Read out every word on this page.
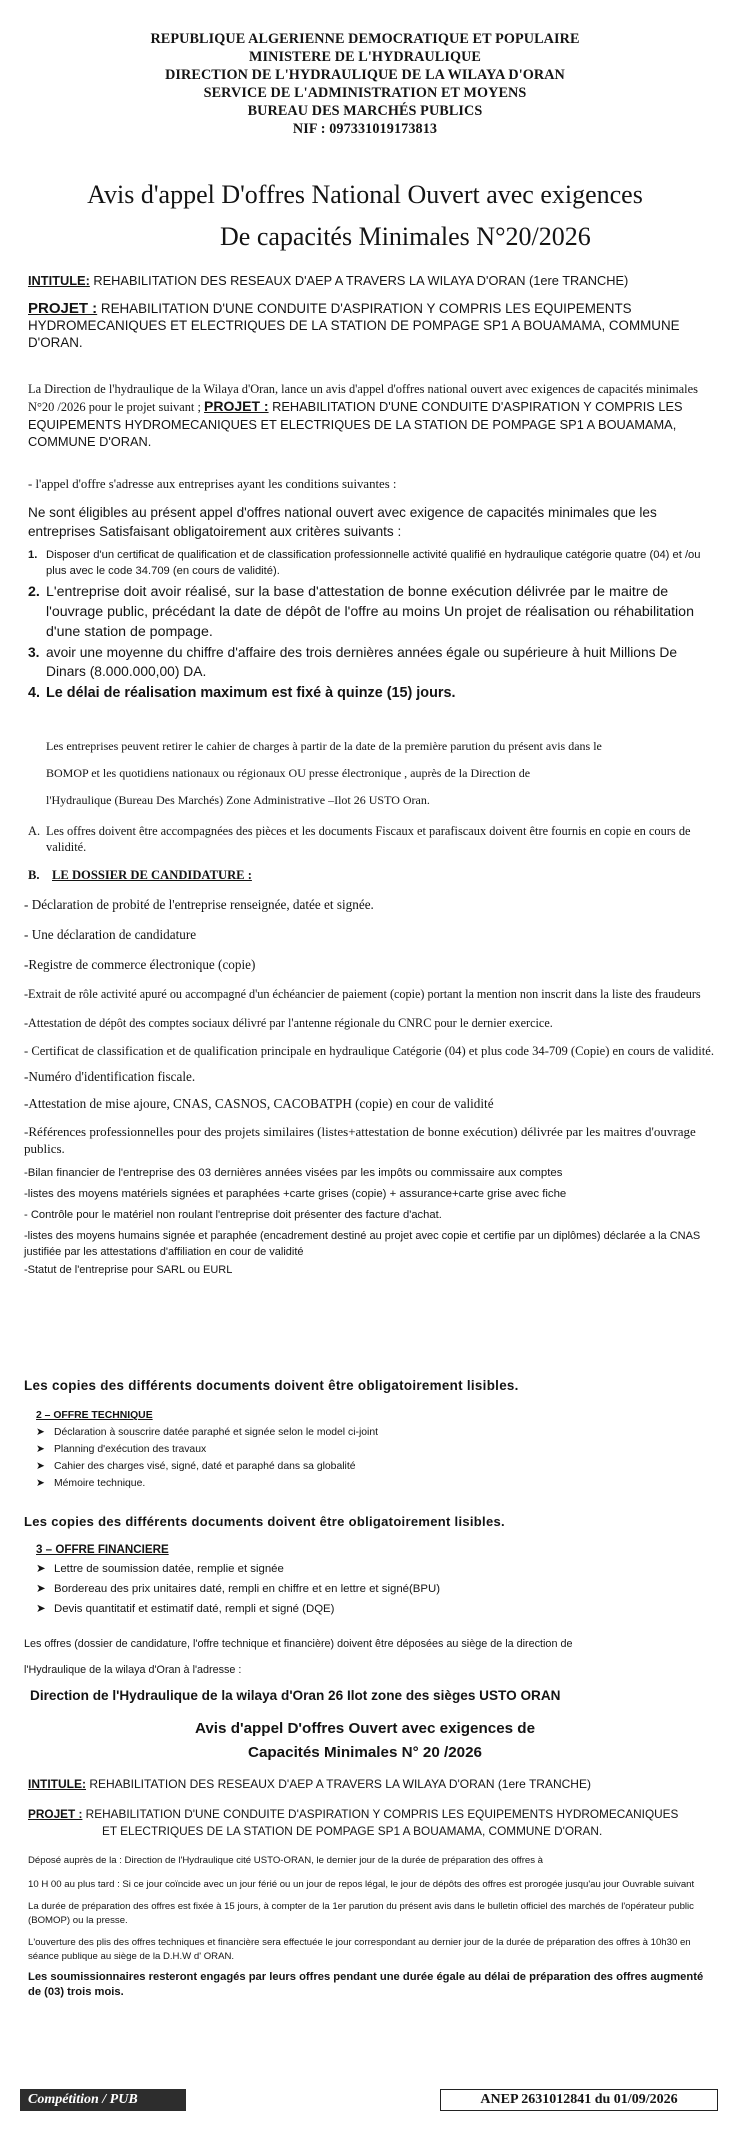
REPUBLIQUE ALGERIENNE DEMOCRATIQUE ET POPULAIRE

MINISTERE DE L'HYDRAULIQUE

DIRECTION DE L'HYDRAULIQUE DE LA WILAYA D'ORAN

SERVICE DE L'ADMINISTRATION ET MOYENS

BUREAU DES MARCHÉS PUBLICS

NIF : 097331019173813

Avis d'appel D'offres National Ouvert avec exigences

De capacités Minimales N°20/2026

INTITULE: REHABILITATION DES RESEAUX D'AEP A TRAVERS LA WILAYA D'ORAN (1ere TRANCHE)
PROJET : REHABILITATION D'UNE CONDUITE D'ASPIRATION Y COMPRIS LES EQUIPEMENTS HYDROMECANIQUES ET ELECTRIQUES DE LA STATION DE POMPAGE SP1 A BOUAMAMA, COMMUNE D'ORAN.
La Direction de l'hydraulique de la Wilaya d'Oran, lance un avis d'appel d'offres national ouvert avec exigences de capacités minimales N°20 /2026 pour le projet suivant ; PROJET : REHABILITATION D'UNE CONDUITE D'ASPIRATION Y COMPRIS LES EQUIPEMENTS HYDROMECANIQUES ET ELECTRIQUES DE LA STATION DE POMPAGE SP1 A BOUAMAMA, COMMUNE D'ORAN.

- l'appel d'offre s'adresse aux entreprises ayant les conditions suivantes :

Ne sont éligibles au présent appel d'offres national ouvert avec exigence de capacités minimales que les entreprises Satisfaisant obligatoirement aux critères suivants :

1. Disposer d'un certificat de qualification et de classification professionnelle activité qualifié en hydraulique catégorie quatre (04) et /ou plus avec le code 34.709 (en cours de validité).
2. L'entreprise doit avoir réalisé, sur la base d'attestation de bonne exécution délivrée par le maitre de l'ouvrage public, précédant la date de dépôt de l'offre au moins Un projet de réalisation ou réhabilitation d'une station de pompage.
3. avoir une moyenne du chiffre d'affaire des trois dernières années égale ou supérieure à huit Millions De Dinars (8.000.000,00) DA.
4. Le délai de réalisation maximum est fixé à quinze (15) jours.

Les entreprises peuvent retirer le cahier de charges à partir de la date de la première parution du présent avis dans le

BOMOP et les quotidiens nationaux ou régionaux OU presse électronique , auprès de la Direction de

l'Hydraulique (Bureau Des Marchés) Zone Administrative –Ilot 26 USTO Oran.

A. Les offres doivent être accompagnées des pièces et les documents Fiscaux et parafiscaux doivent être fournis en copie en cours de validité.
B. LE DOSSIER DE CANDIDATURE :

- Déclaration de probité de l'entreprise renseignée, datée et signée.

- Une déclaration de candidature

-Registre de commerce électronique (copie)

-Extrait de rôle activité apuré ou accompagné d'un échéancier de paiement (copie) portant la mention non inscrit dans la liste des fraudeurs

-Attestation de dépôt des comptes sociaux délivré par l'antenne régionale du CNRC pour le dernier exercice.

- Certificat de classification et de qualification principale en hydraulique Catégorie (04) et plus code 34-709 (Copie) en cours de validité.

-Numéro d'identification fiscale.

-Attestation de mise ajoure, CNAS, CASNOS, CACOBATPH (copie) en cour de validité

-Références professionnelles pour des projets similaires (listes+attestation de bonne exécution) délivrée par les maitres d'ouvrage publics.

-Bilan financier de l'entreprise des 03 dernières années visées par les impôts ou commissaire aux comptes

-listes des moyens matériels signées et paraphées +carte grises (copie) + assurance+carte grise avec fiche

- Contrôle pour le matériel non roulant l'entreprise doit présenter des facture d'achat.

-listes des moyens humains signée et paraphée (encadrement destiné au projet avec copie et certifie par un diplômes) déclarée a la CNAS justifiée par les attestations d'affiliation en cour de validité

-Statut de l'entreprise pour SARL ou EURL

Les copies des différents documents doivent être obligatoirement lisibles.

2 – OFFRE TECHNIQUE

➤ Déclaration à souscrire datée paraphé et signée selon le model ci-joint
➤ Planning d'exécution des travaux
➤ Cahier des charges visé, signé, daté et paraphé dans sa globalité
➤ Mémoire technique.

Les copies des différents documents doivent être obligatoirement lisibles.

3 – OFFRE FINANCIERE

➤ Lettre de soumission datée, remplie et signée
➤ Bordereau des prix unitaires daté, rempli en chiffre et en lettre et signé(BPU)
➤ Devis quantitatif et estimatif daté, rempli et signé (DQE)

Les offres (dossier de candidature, l'offre technique et financière) doivent être déposées au siège de la direction de

l'Hydraulique de la wilaya d'Oran à l'adresse :

Direction de l'Hydraulique de la wilaya d'Oran 26 Ilot zone des sièges USTO ORAN

Avis d'appel D'offres Ouvert avec exigences de

Capacités Minimales N° 20 /2026

INTITULE: REHABILITATION DES RESEAUX D'AEP A TRAVERS LA WILAYA D'ORAN (1ere TRANCHE)

PROJET : REHABILITATION D'UNE CONDUITE D'ASPIRATION Y COMPRIS LES EQUIPEMENTS HYDROMECANIQUES

ET ELECTRIQUES DE LA STATION DE POMPAGE SP1 A BOUAMAMA, COMMUNE D'ORAN.

Déposé auprès de la : Direction de l'Hydraulique cité USTO-ORAN, le dernier jour de la durée de préparation des offres à

10 H 00 au plus tard : Si ce jour coïncide avec un jour férié ou un jour de repos légal, le jour de dépôts des offres est prorogée jusqu'au jour Ouvrable suivant

La durée de préparation des offres est fixée à 15 jours, à compter de la 1er parution du présent avis dans le bulletin officiel des marchés de l'opérateur public (BOMOP) ou la presse.

L'ouverture des plis des offres techniques et financière sera effectuée le jour correspondant au dernier jour de la durée de préparation des offres à 10h30 en séance publique au siège de la D.H.W d' ORAN.

Les soumissionnaires resteront engagés par leurs offres pendant une durée égale au délai de préparation des offres augmenté de (03) trois mois.

Compétition / PUB	ANEP 2631012841 du 01/09/2026
